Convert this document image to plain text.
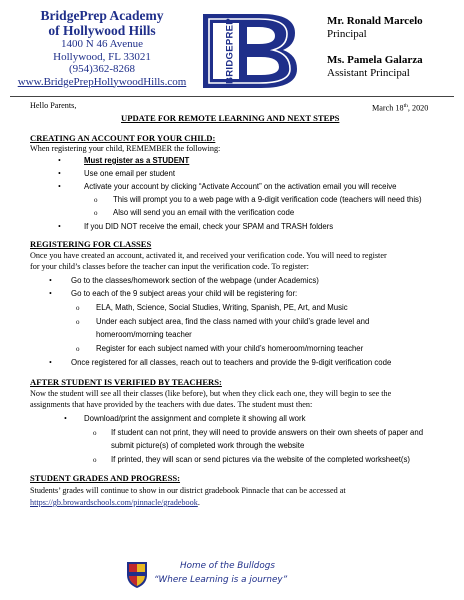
BridgePrep Academy
of Hollywood Hills
1400 N 46 Avenue
Hollywood, FL 33021
(954)362-8268
www.BridgePrepHollywoodHills.com	BRIDGEPREP	Mr. Ronald Marcelo
Principal
Ms. Pamela Galarza
Assistant Principal
Hello Parents,	March 18th, 2020
UPDATE FOR REMOTE LEARNING AND NEXT STEPS
CREATING AN ACCOUNT FOR YOUR CHILD:
When registering your child, REMEMBER the following:
•	Must register as a STUDENT
•	Use one email per student
•	Activate your account by clicking “Activate Account” on the activation email you will receive
o This will prompt you to a web page with a 9-digit verification code (teachers will need this)
o Also will send you an email with the verification code
•	If you DID NOT receive the email, check your SPAM and TRASH folders
REGISTERING FOR CLASSES
Once you have created an account, activated it, and received your verification code. You will need to register
for your child’s classes before the teacher can input the verification code. To register:
• Go to the classes/homework section of the webpage (under Academics)
• Go to each of the 9 subject areas your child will be registering for:
o ELA, Math, Science, Social Studies, Writing, Spanish, PE, Art, and Music
o Under each subject area, find the class named with your child’s grade level and
homeroom/morning teacher
o Register for each subject named with your child’s homeroom/morning teacher
• Once registered for all classes, reach out to teachers and provide the 9-digit verification code
AFTER STUDENT IS VERIFIED BY TEACHERS:
Now the student will see all their classes (like before), but when they click each one, they will begin to see the
assignments that have provided by the teachers with due dates. The student must then:
• Download/print the assignment and complete it showing all work
o If student can not print, they will need to provide answers on their own sheets of paper and
submit picture(s) of completed work through the website
o If printed, they will scan or send pictures via the website of the completed worksheet(s)
STUDENT GRADES AND PROGRESS:
Students’ grades will continue to show in our district gradebook Pinnacle that can be accessed at
https://gb.browardschools.com/pinnacle/gradebook.
Home of the Bulldogs
“Where Learning is a journey”
